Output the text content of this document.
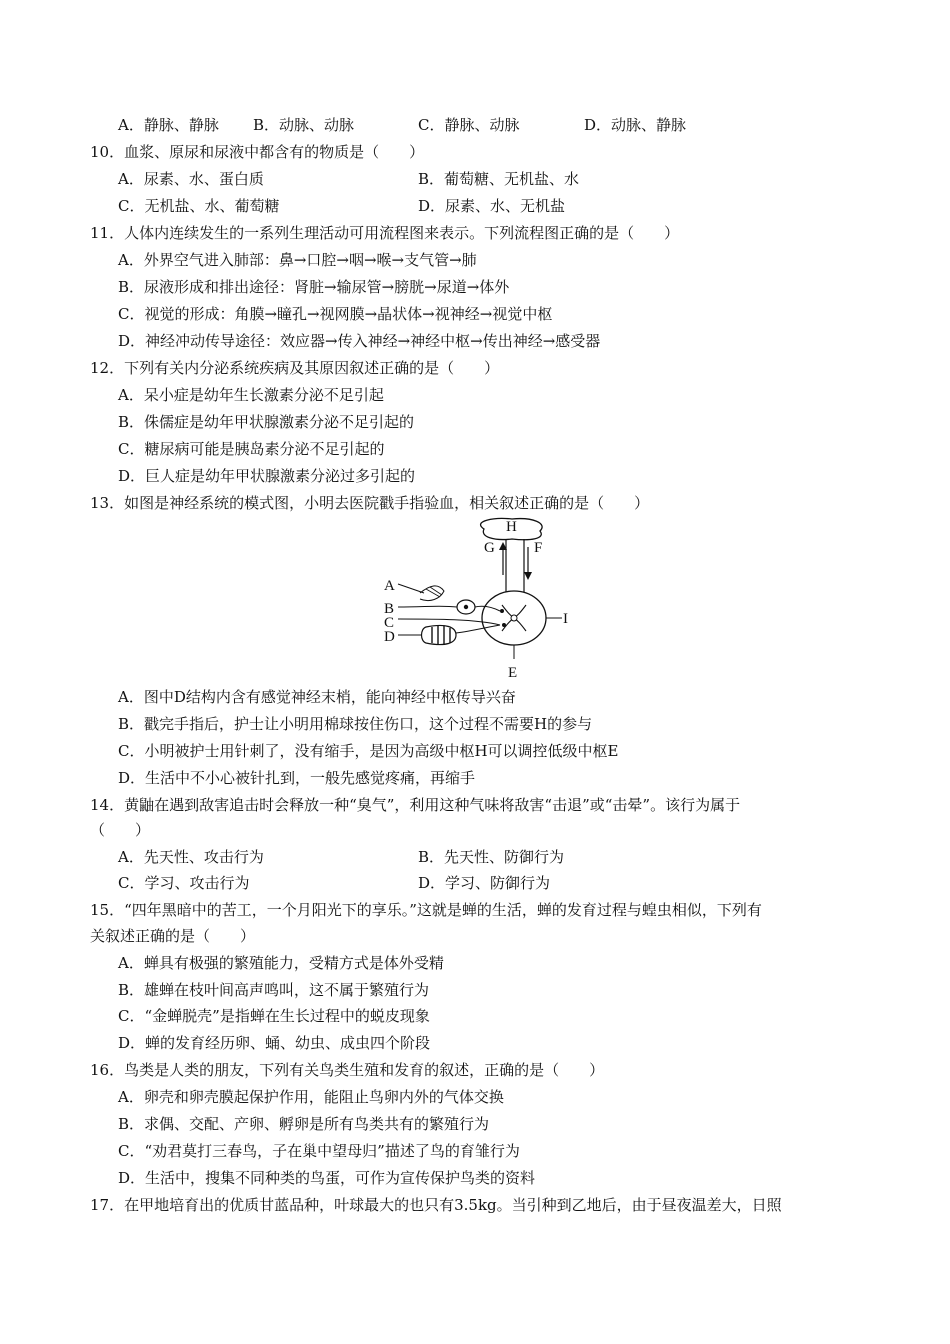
A．静脉、静脉 B．动脉、动脉	C．静脉、动脉	D．动脉、静脉
10．血浆、原尿和尿液中都含有的物质是（　　）
A．尿素、水、蛋白质	B．葡萄糖、无机盐、水
C．无机盐、水、葡萄糖	D．尿素、水、无机盐
11．人体内连续发生的一系列生理活动可用流程图来表示。下列流程图正确的是（　　）
A．外界空气进入肺部：鼻→口腔→咽→喉→支气管→肺
B．尿液形成和排出途径：肾脏→输尿管→膀胱→尿道→体外
C．视觉的形成：角膜→瞳孔→视网膜→晶状体→视神经→视觉中枢
D．神经冲动传导途径：效应器→传入神经→神经中枢→传出神经→感受器
12．下列有关内分泌系统疾病及其原因叙述正确的是（　　）
A．呆小症是幼年生长激素分泌不足引起
B．侏儒症是幼年甲状腺激素分泌不足引起的
C．糖尿病可能是胰岛素分泌不足引起的
D．巨人症是幼年甲状腺激素分泌过多引起的
13．如图是神经系统的模式图，小明去医院戳手指验血，相关叙述正确的是（　　）
H
G	F
I
A
B
C
D
E
A．图中D结构内含有感觉神经末梢，能向神经中枢传导兴奋
B．戳完手指后，护士让小明用棉球按住伤口，这个过程不需要H的参与
C．小明被护士用针刺了，没有缩手，是因为高级中枢H可以调控低级中枢E
D．生活中不小心被针扎到，一般先感觉疼痛，再缩手
14．黄鼬在遇到敌害追击时会释放一种“臭气”，利用这种气味将敌害“击退”或“击晕”。该行为属于
（　　）
A．先天性、攻击行为	B．先天性、防御行为
C．学习、攻击行为	D．学习、防御行为
15．“四年黑暗中的苦工，一个月阳光下的享乐。”这就是蝉的生活，蝉的发育过程与蝗虫相似，下列有
关叙述正确的是（　　）
A．蝉具有极强的繁殖能力，受精方式是体外受精
B．雄蝉在枝叶间高声鸣叫，这不属于繁殖行为
C．“金蝉脱壳”是指蝉在生长过程中的蜕皮现象
D．蝉的发育经历卵、蛹、幼虫、成虫四个阶段
16．鸟类是人类的朋友，下列有关鸟类生殖和发育的叙述，正确的是（　　）
A．卵壳和卵壳膜起保护作用，能阻止鸟卵内外的气体交换
B．求偶、交配、产卵、孵卵是所有鸟类共有的繁殖行为
C．“劝君莫打三春鸟，子在巢中望母归”描述了鸟的育雏行为
D．生活中，搜集不同种类的鸟蛋，可作为宣传保护鸟类的资料
17．在甲地培育出的优质甘蓝品种，叶球最大的也只有3.5kg。当引种到乙地后，由于昼夜温差大，日照
